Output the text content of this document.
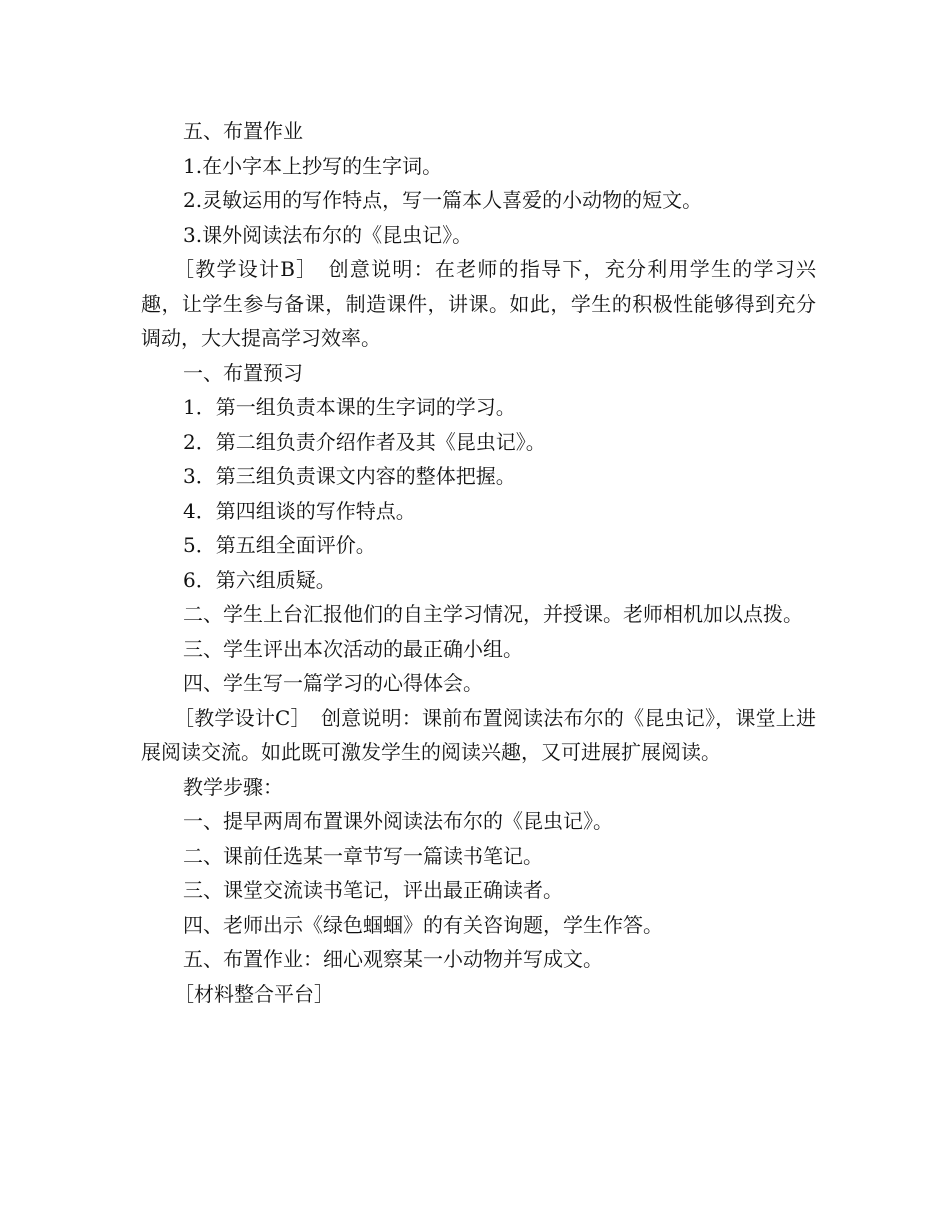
五、布置作业

1.在小字本上抄写的生字词。

2.灵敏运用的写作特点，写一篇本人喜爱的小动物的短文。

3.课外阅读法布尔的《昆虫记》。

［教学设计B］　创意说明：在老师的指导下，充分利用学生的学习兴趣，让学生参与备课，制造课件，讲课。如此，学生的积极性能够得到充分调动，大大提高学习效率。

一、布置预习

1．第一组负责本课的生字词的学习。

2．第二组负责介绍作者及其《昆虫记》。

3．第三组负责课文内容的整体把握。

4．第四组谈的写作特点。

5．第五组全面评价。

6．第六组质疑。

二、学生上台汇报他们的自主学习情况，并授课。老师相机加以点拨。

三、学生评出本次活动的最正确小组。

四、学生写一篇学习的心得体会。

［教学设计C］　创意说明：课前布置阅读法布尔的《昆虫记》，课堂上进展阅读交流。如此既可激发学生的阅读兴趣，又可进展扩展阅读。

教学步骤：

一、提早两周布置课外阅读法布尔的《昆虫记》。

二、课前任选某一章节写一篇读书笔记。

三、课堂交流读书笔记，评出最正确读者。

四、老师出示《绿色蝈蝈》的有关咨询题，学生作答。

五、布置作业：细心观察某一小动物并写成文。

［材料整合平台］
